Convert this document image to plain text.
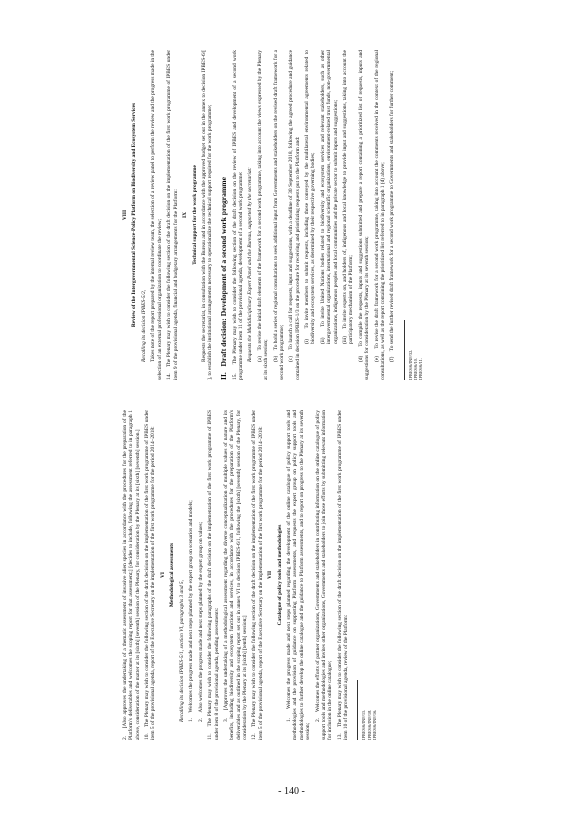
2.    [Also approves the undertaking of a thematic assessment of invasive alien species in accordance with the procedures for the preparation of the Platform's deliverables and welcomes the scoping report for that assessment;] [decides to include, following the assessment referred to in paragraph 1 above, consideration of the matter at its [sixth] [seventh] session of the Plenary, for consideration by the Plenary at its [sixth] [seventh] session.] 10.    The Plenary may wish to consider the following section of the draft decision on the implementation of the first work programme of IPBES under item 5 of the provisional agenda, report of the Executive Secretary on the implementation of the first work programme for the period 2014–2018: VI Methodological assessments

Recalling its decision IPBES-5/1, section VI, paragraphs 3 and 5, 1.    Welcomes the progress made and next steps planned by the expert group on scenarios and models; 2.    Also welcomes the progress made and next steps planned by the expert group on values; 11.    The Plenary may wish to consider the following paragraphs of the draft decision on the implementation of the first work programme of IPBES under item 8 of the provisional agenda, pending assessments: 3.    [Approves the undertaking of a methodological assessment regarding the diverse conceptualization of multiple values of nature and its benefits, including biodiversity and ecosystem functions and services, in accordance with the procedures for the preparation of the Platform's deliverables and as outlined in the scoping report set out in annex VI to decision IPBES-6/1, following the [sixth] [seventh] session of the Plenary, for consideration by the Plenary at its [sixth] [tenth] session;] 12.    The Plenary may wish to consider the following section of the draft decision on the implementation of the first work programme of IPBES under item 5 of the provisional agenda, report of the Executive Secretary on the implementation of the first work programme for the period 2014–2018: VII Catalogue of policy tools and methodologies 1.    Welcomes the progress made and next steps planned regarding the development of the online catalogue of policy support tools and methodologies and the provision of guidance on supporting Platform assessments, and requests the expert group on policy support tools and methodologies to further develop the online catalogue and the guidance to Platform assessments, and to report on progress to the Plenary at its seventh session;

2.    Welcomes the efforts of partner organizations, Governments and stakeholders in contributing information on the online catalogue of policy support tools and methodologies and invites other organizations, Governments and stakeholders to join those efforts by submitting relevant information for inclusion in the online catalogue; 13.    The Plenary may wish to consider the following section of the draft decision on the implementation of the first work programme of IPBES under item 10 of the provisional agenda, review of the Platform:	IPBES/6/INF/15. IPBES/6/INF/18. IPBES/6/INF/16.

VIII Review of the Intergovernmental Science-Policy Platform on Biodiversity and Ecosystem Services Recalling its decision IPBES-5/2, Takes note of the report prepared by the internal review team, the selection of a review panel to perform the review and the progress made in the selection of an external professional organization to coordinate the review; 14.    The Plenary may wish to consider the following section of the draft decision on the implementation of the first work programme of IPBES under item 9 of the provisional agenda, financial and budgetary arrangements for the Platform: IX Technical support for the work programme Requests the secretariat, in consultation with the Bureau and in accordance with the approved budget set out in the annex to decision IPBES-6/[ ], to establish the institutional arrangements necessary to operationalize the technical support required for the work programme; II.   Draft decision: Development of a second work programme 15.    The Plenary may wish to consider the following section of the draft decision on the review of IPBES and development of a second work programme under item 11 of the provisional agenda, development of a second work programme: Requests the Multidisciplinary Expert Panel and the Bureau, supported by the secretariat: (a)    To revise the initial draft elements of the framework for a second work programme, taking into account the views expressed by the Plenary at its sixth session; (b)    To hold a series of regional consultations to seek additional input from Governments and stakeholders on the revised draft framework for a second work programme; (c)    To launch a call for requests, input and suggestions, with a deadline of 30 September 2018, following the agreed procedure and guidance contained in decision IPBES-1/3 on the procedure for receiving and prioritizing requests put to the Platform and: (i)    To invite members to submit requests, including those conveyed by the multilateral environmental agreements related to biodiversity and ecosystem services, as determined by their respective governing bodies; (ii)    To invite United Nations bodies related to biodiversity and ecosystem services and relevant stakeholders, such as other intergovernmental organizations, international and regional scientific organizations, environment-related trust funds, non-governmental organizations, indigenous peoples and local communities and the private sector to submit inputs and suggestions; (iii)    To invite experts on, and holders of, indigenous and local knowledge to provide input and suggestions, taking into account the participatory mechanism of the Platform; (d)    To compile the requests, inputs and suggestions submitted and prepare a report containing a prioritized list of requests, inputs and suggestions for consideration by the Plenary at its seventh session; (e)    To revise the draft framework for a second work programme, taking into account the comments received in the context of the regional consultations, as well as the report containing the prioritized list referred to in paragraph 1 (d) above; (f)    To send the further revised draft framework for a second work programme to Governments and stakeholders for further comment;

IPBES/6/INF/32. IPBES/6/10. IPBES/6/11.

- 140 -
